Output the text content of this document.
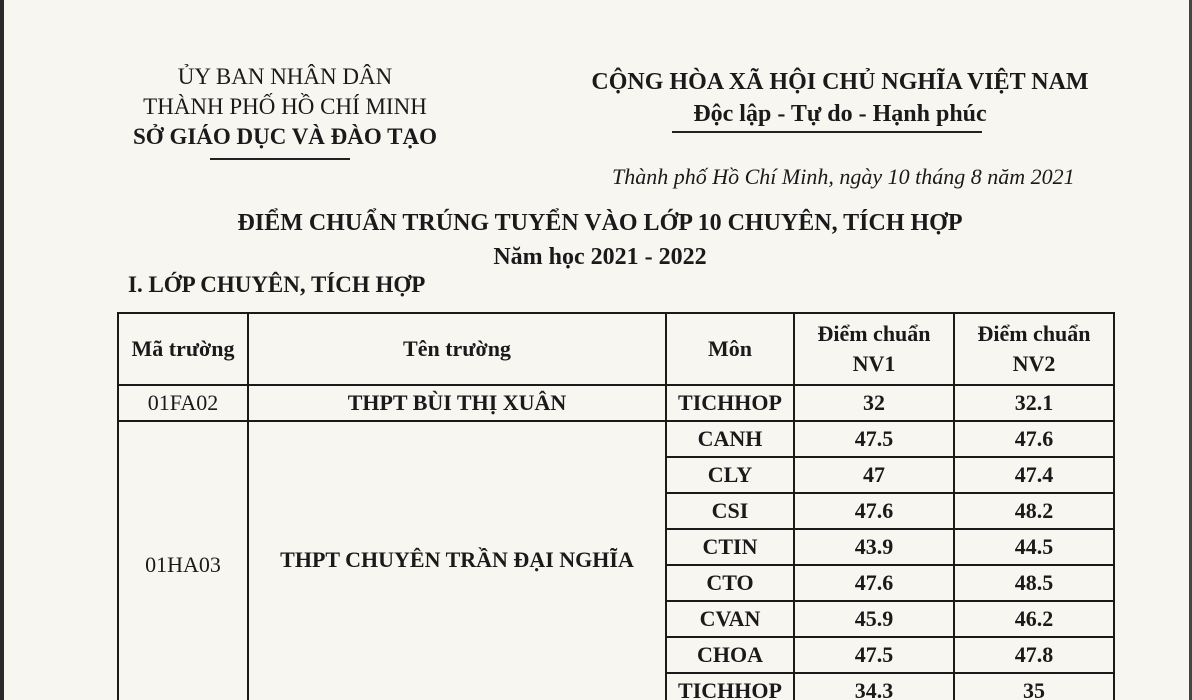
ỦY BAN NHÂN DÂN
THÀNH PHỐ HỒ CHÍ MINH
SỞ GIÁO DỤC VÀ ĐÀO TẠO
CỘNG HÒA XÃ HỘI CHỦ NGHĨA VIỆT NAM
Độc lập - Tự do - Hạnh phúc
Thành phố Hồ Chí Minh, ngày 10 tháng 8 năm 2021
ĐIỂM CHUẨN TRÚNG TUYỂN VÀO LỚP 10 CHUYÊN, TÍCH HỢP
Năm học 2021 - 2022
I. LỚP CHUYÊN, TÍCH HỢP
Mã trường	Tên trường	Môn	Điểm chuẩn NV1	Điểm chuẩn NV2
01FA02	THPT BÙI THỊ XUÂN	TICHHOP	32	32.1
01HA03	THPT CHUYÊN TRẦN ĐẠI NGHĨA	CANH	47.5	47.6
		CLY	47	47.4
		CSI	47.6	48.2
		CTIN	43.9	44.5
		CTO	47.6	48.5
		CVAN	45.9	46.2
		CHOA	47.5	47.8
		TICHHOP	34.3	35
